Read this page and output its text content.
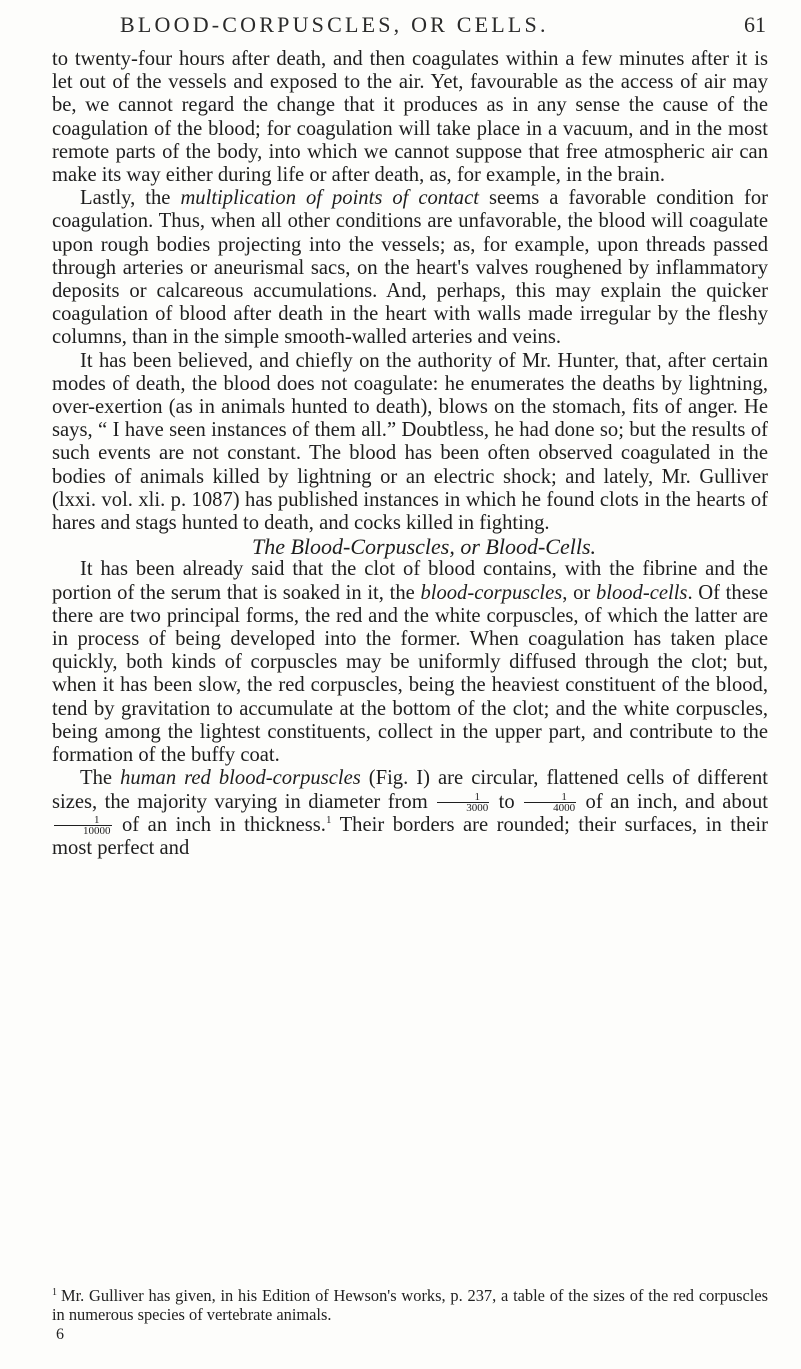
BLOOD-CORPUSCLES, OR CELLS.	61

to twenty-four hours after death, and then coagulates within a few minutes after it is let out of the vessels and exposed to the air. Yet, favourable as the access of air may be, we cannot regard the change that it produces as in any sense the cause of the coagulation of the blood; for coagulation will take place in a vacuum, and in the most remote parts of the body, into which we cannot suppose that free atmospheric air can make its way either during life or after death, as, for example, in the brain.

Lastly, the multiplication of points of contact seems a favorable condition for coagulation. Thus, when all other conditions are unfavorable, the blood will coagulate upon rough bodies projecting into the vessels; as, for example, upon threads passed through arteries or aneurismal sacs, on the heart's valves roughened by inflammatory deposits or calcareous accumulations. And, perhaps, this may explain the quicker coagulation of blood after death in the heart with walls made irregular by the fleshy columns, than in the simple smooth-walled arteries and veins.

It has been believed, and chiefly on the authority of Mr. Hunter, that, after certain modes of death, the blood does not coagulate: he enumerates the deaths by lightning, over-exertion (as in animals hunted to death), blows on the stomach, fits of anger. He says, “ I have seen instances of them all.” Doubtless, he had done so; but the results of such events are not constant. The blood has been often observed coagulated in the bodies of animals killed by lightning or an electric shock; and lately, Mr. Gulliver (lxxi. vol. xli. p. 1087) has published instances in which he found clots in the hearts of hares and stags hunted to death, and cocks killed in fighting.

The Blood-Corpuscles, or Blood-Cells.

It has been already said that the clot of blood contains, with the fibrine and the portion of the serum that is soaked in it, the blood-corpuscles, or blood-cells. Of these there are two principal forms, the red and the white corpuscles, of which the latter are in process of being developed into the former. When coagulation has taken place quickly, both kinds of corpuscles may be uniformly diffused through the clot; but, when it has been slow, the red corpuscles, being the heaviest constituent of the blood, tend by gravitation to accumulate at the bottom of the clot; and the white corpuscles, being among the lightest constituents, collect in the upper part, and contribute to the formation of the buffy coat.

The human red blood-corpuscles (Fig. I) are circular, flattened cells of different sizes, the majority varying in diameter from $\frac{1}{3000}$ to $\frac{1}{4000}$ of an inch, and about
$\frac{1}{10000}$ of an inch in thickness.$^1$ Their borders are rounded; their surfaces, in their most perfect and

$^1$ Mr. Gulliver has given, in his Edition of Hewson's works, p. 237, a table of the sizes of the red corpuscles in numerous species of vertebrate animals.
6
